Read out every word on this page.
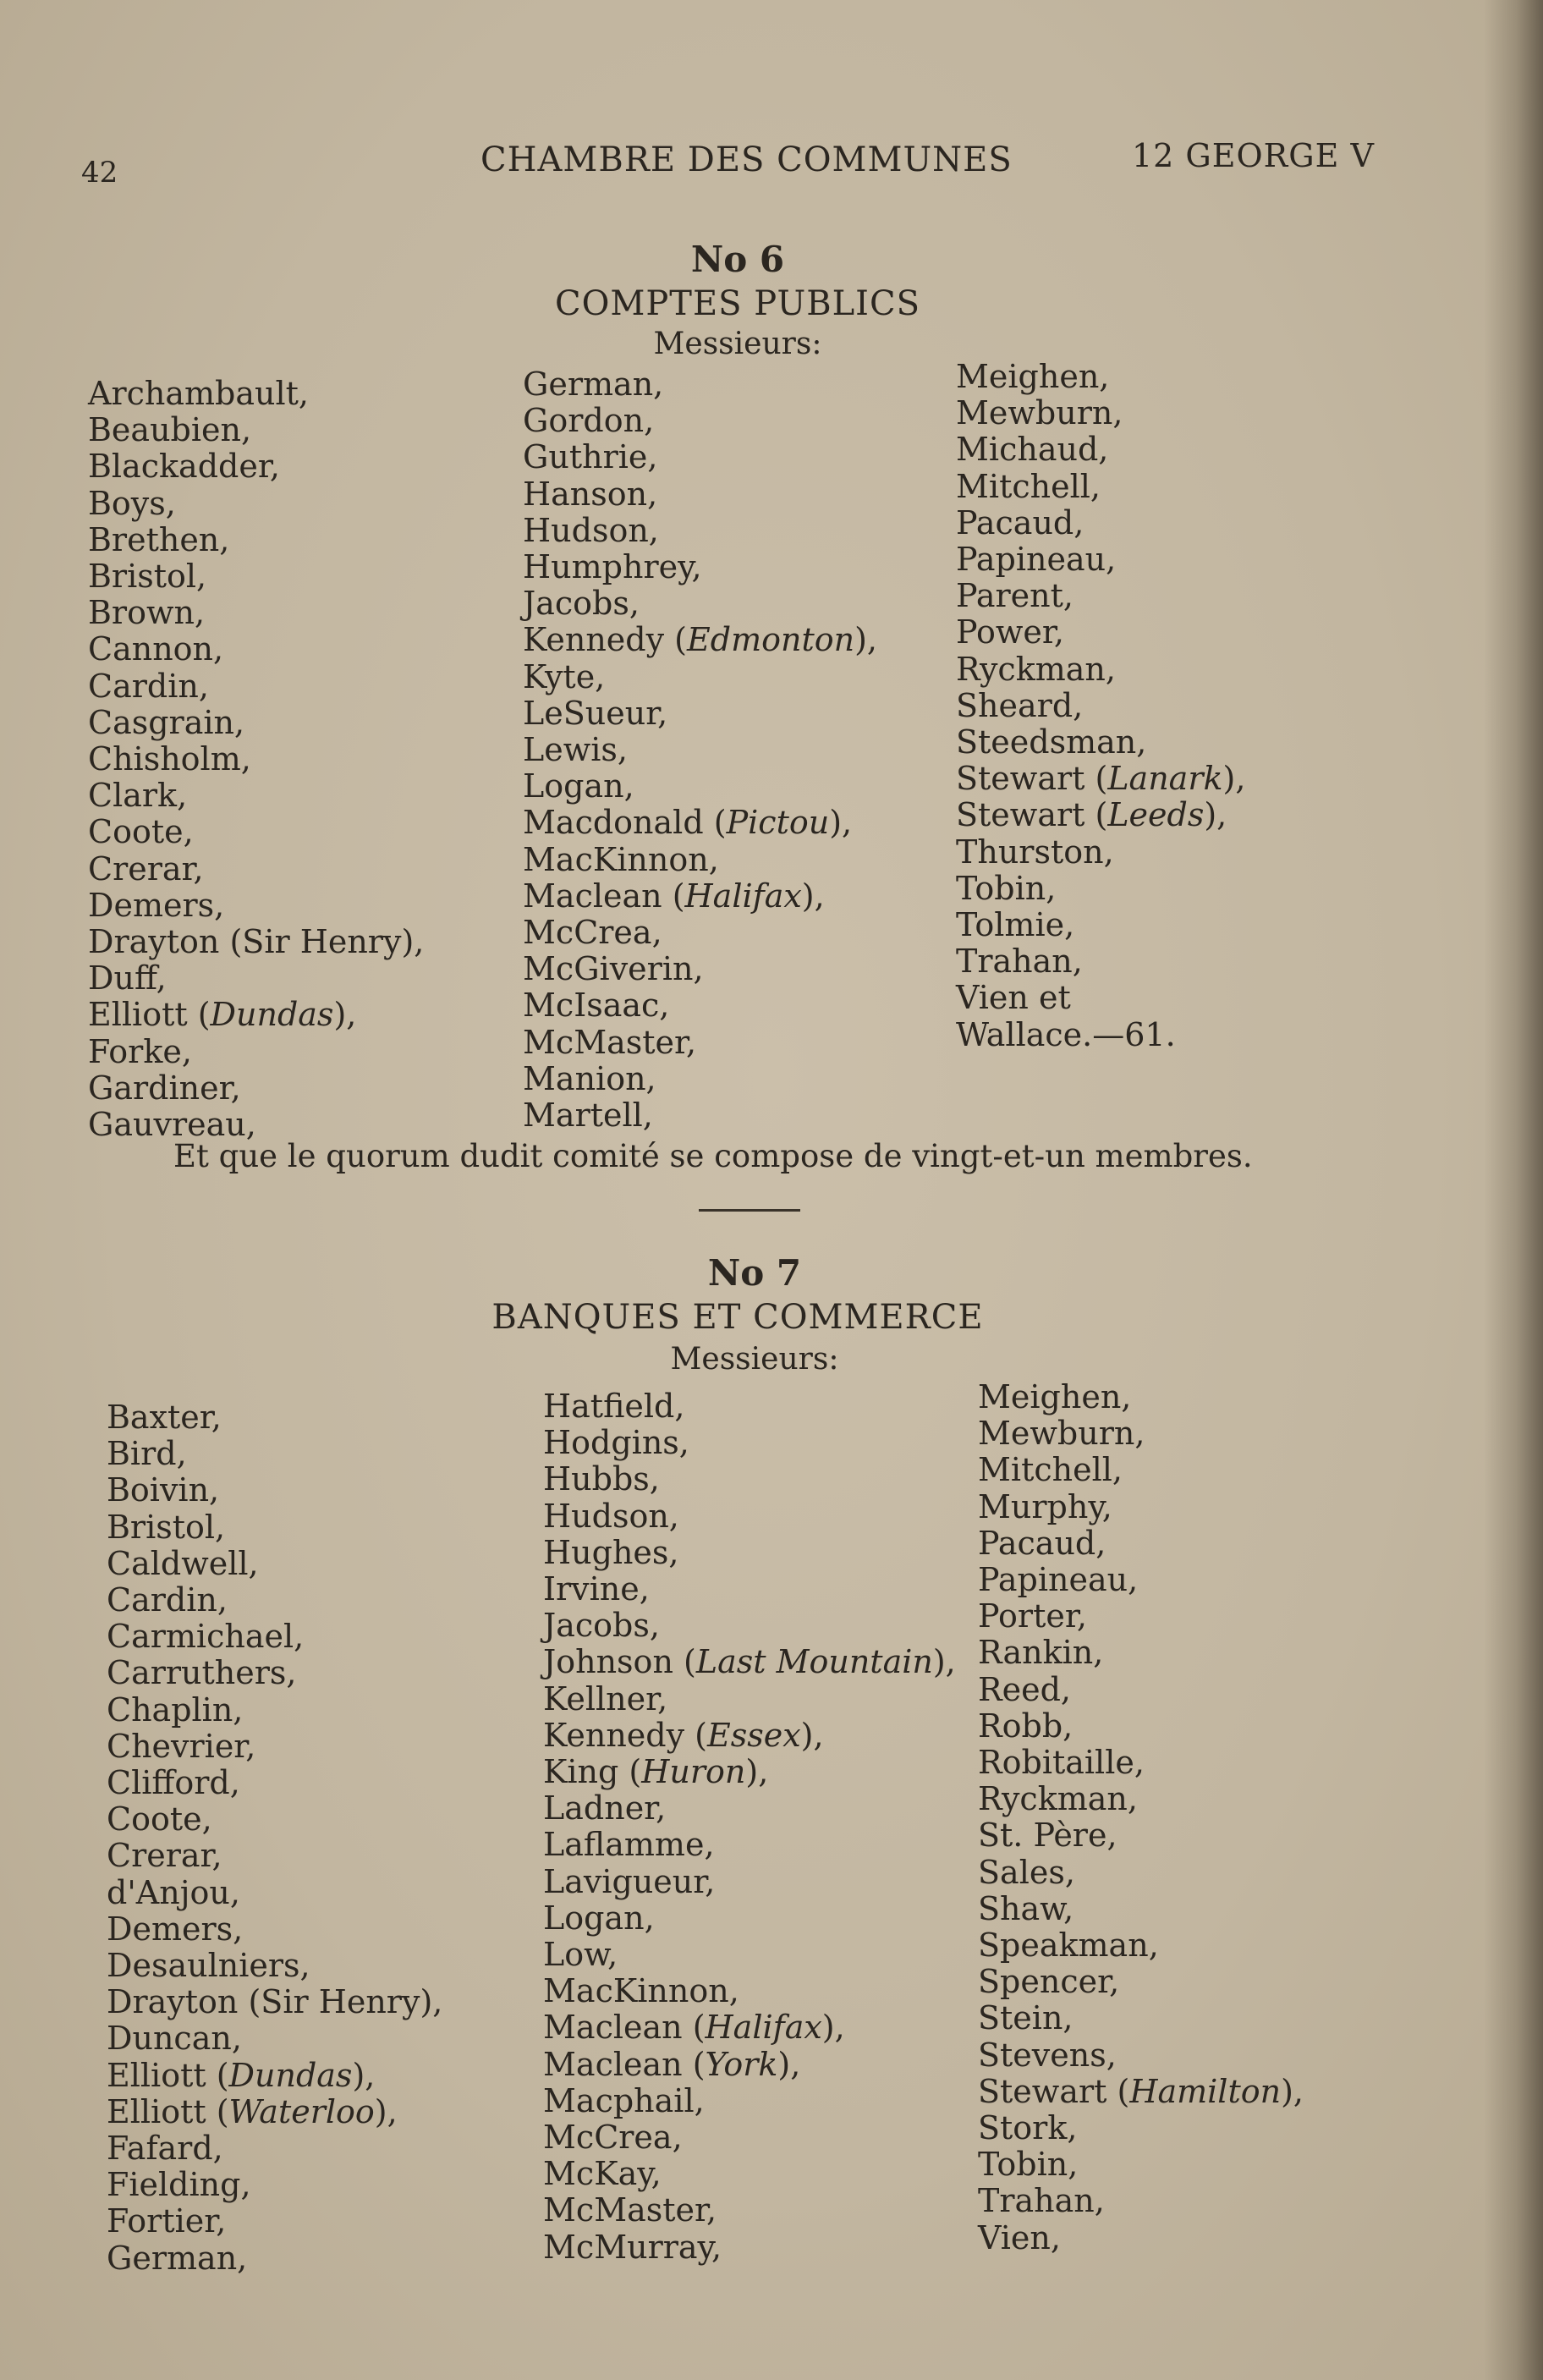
42	CHAMBRE DES COMMUNES	12 GEORGE V
No 6
COMPTES PUBLICS
Messieurs:
Archambault,
Beaubien,
Blackadder,
Boys,
Brethen,
Bristol,
Brown,
Cannon,
Cardin,
Casgrain,
Chisholm,
Clark,
Coote,
Crerar,
Demers,
Drayton (Sir Henry),
Duff,
Elliott (Dundas),
Forke,
Gardiner,
Gauvreau,
German,
Gordon,
Guthrie,
Hanson,
Hudson,
Humphrey,
Jacobs,
Kennedy (Edmonton),
Kyte,
LeSueur,
Lewis,
Logan,
Macdonald (Pictou),
MacKinnon,
Maclean (Halifax),
McCrea,
McGiverin,
McIsaac,
McMaster,
Manion,
Martell,
Meighen,
Mewburn,
Michaud,
Mitchell,
Pacaud,
Papineau,
Parent,
Power,
Ryckman,
Sheard,
Steedsman,
Stewart (Lanark),
Stewart (Leeds),
Thurston,
Tobin,
Tolmie,
Trahan,
Vien et
Wallace.—61.
Et que le quorum dudit comité se compose de vingt-et-un membres.
No 7
BANQUES ET COMMERCE
Messieurs:
Baxter,
Bird,
Boivin,
Bristol,
Caldwell,
Cardin,
Carmichael,
Carruthers,
Chaplin,
Chevrier,
Clifford,
Coote,
Crerar,
d'Anjou,
Demers,
Desaulniers,
Drayton (Sir Henry),
Duncan,
Elliott (Dundas),
Elliott (Waterloo),
Fafard,
Fielding,
Fortier,
German,
Hatfield,
Hodgins,
Hubbs,
Hudson,
Hughes,
Irvine,
Jacobs,
Johnson (Last Mountain),
Kellner,
Kennedy (Essex),
King (Huron),
Ladner,
Laflamme,
Lavigueur,
Logan,
Low,
MacKinnon,
Maclean (Halifax),
Maclean (York),
Macphail,
McCrea,
McKay,
McMaster,
McMurray,
Meighen,
Mewburn,
Mitchell,
Murphy,
Pacaud,
Papineau,
Porter,
Rankin,
Reed,
Robb,
Robitaille,
Ryckman,
St. Père,
Sales,
Shaw,
Speakman,
Spencer,
Stein,
Stevens,
Stewart (Hamilton),
Stork,
Tobin,
Trahan,
Vien,
